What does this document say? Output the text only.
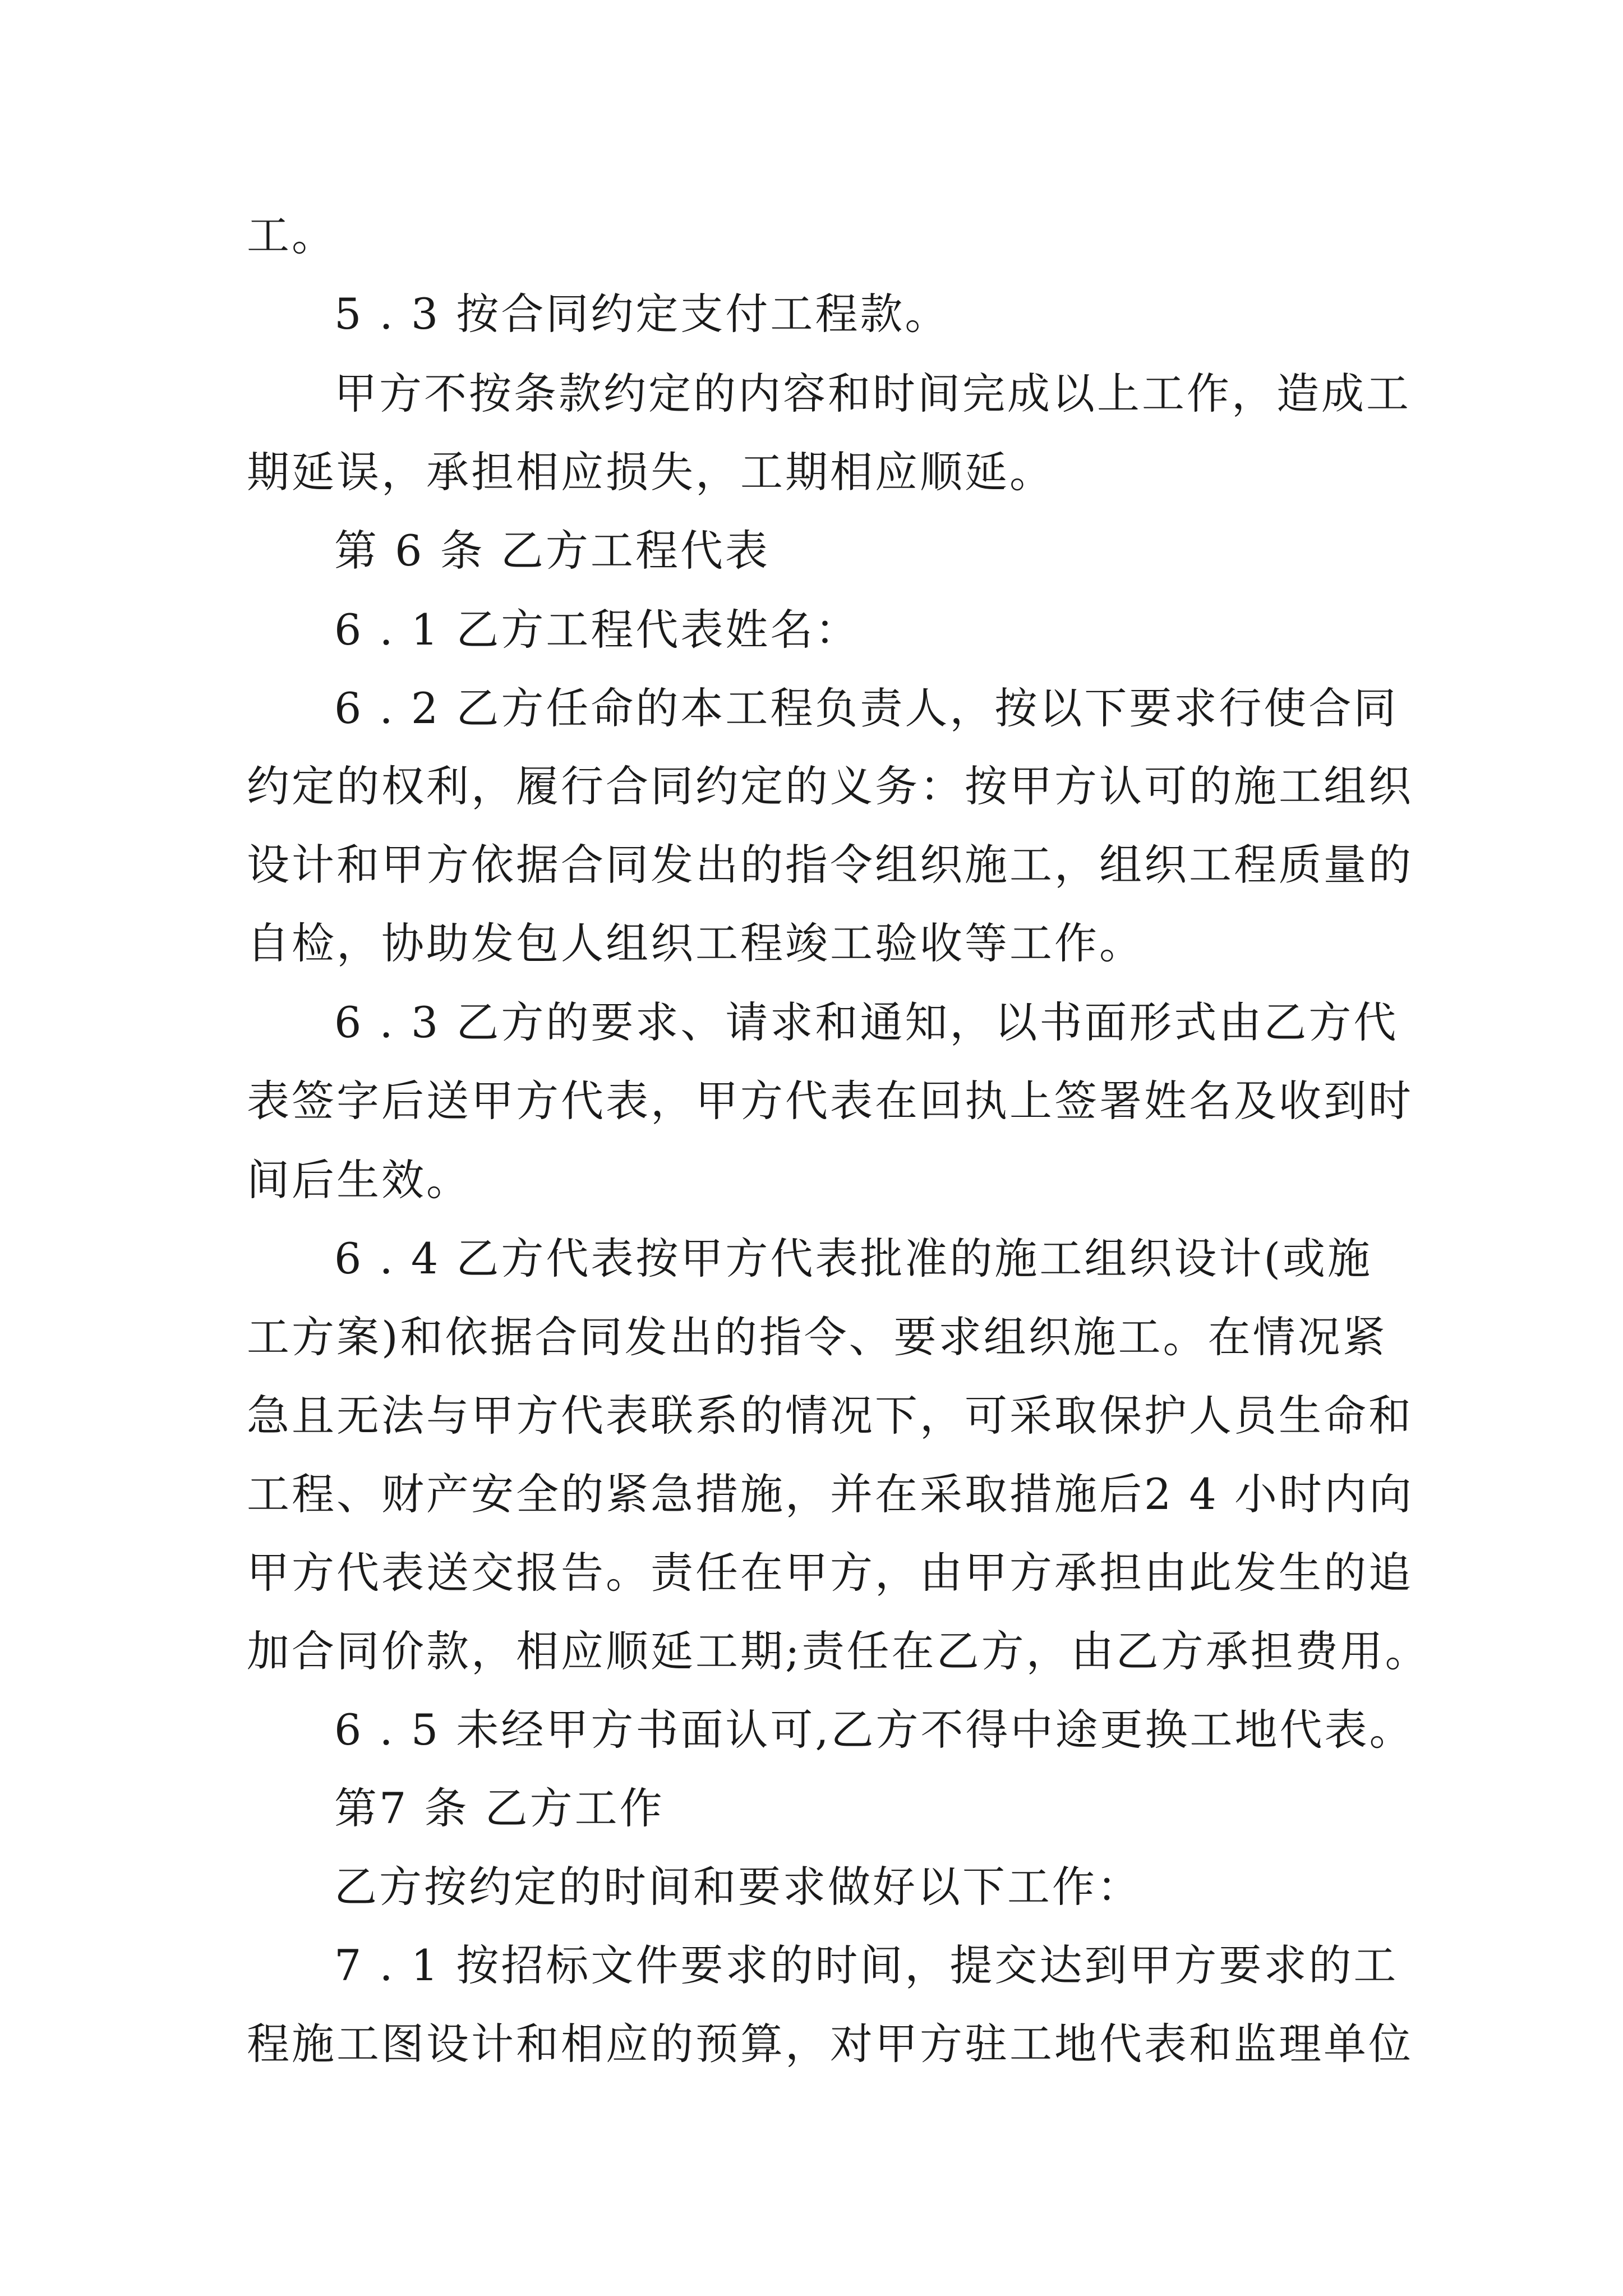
工。

5 . 3 按合同约定支付工程款。

甲方不按条款约定的内容和时间完成以上工作，造成工

期延误，承担相应损失，工期相应顺延。

第 6 条 乙方工程代表

6 . 1 乙方工程代表姓名：

6 . 2 乙方任命的本工程负责人，按以下要求行使合同

约定的权利，履行合同约定的义务：按甲方认可的施工组织

设计和甲方依据合同发出的指令组织施工，组织工程质量的

自检，协助发包人组织工程竣工验收等工作。

6 . 3 乙方的要求、请求和通知，以书面形式由乙方代

表签字后送甲方代表，甲方代表在回执上签署姓名及收到时

间后生效。

6 . 4 乙方代表按甲方代表批准的施工组织设计(或施

工方案)和依据合同发出的指令、要求组织施工。在情况紧

急且无法与甲方代表联系的情况下，可采取保护人员生命和

工程、财产安全的紧急措施，并在采取措施后2 4 小时内向

甲方代表送交报告。责任在甲方，由甲方承担由此发生的追

加合同价款，相应顺延工期;责任在乙方，由乙方承担费用。

6 . 5 未经甲方书面认可,乙方不得中途更换工地代表。

第7 条 乙方工作

乙方按约定的时间和要求做好以下工作：

7 . 1 按招标文件要求的时间，提交达到甲方要求的工

程施工图设计和相应的预算，对甲方驻工地代表和监理单位
